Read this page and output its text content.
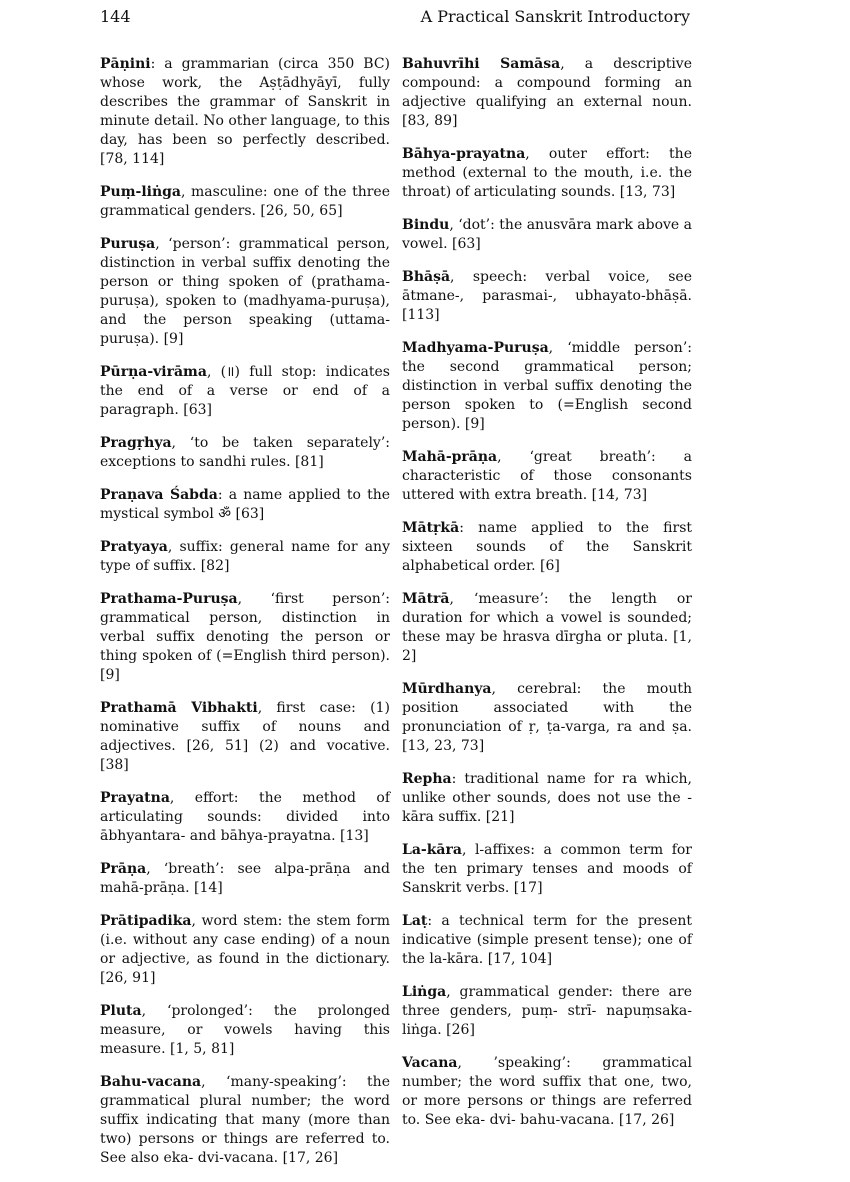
144	A Practical Sanskrit Introductory

Pāṇini: a grammarian (circa 350 BC) whose work, the Aṣṭādhyāyī, fully describes the grammar of Sanskrit in minute detail. No other language, to this day, has been so perfectly described. [78, 114]

Puṃ-liṅga, masculine: one of the three grammatical genders. [26, 50, 65]

Puruṣa, ‘person’: grammatical person, distinction in verbal suffix denoting the person or thing spoken of (prathama-puruṣa), spoken to (madhyama-puruṣa), and the person speaking (uttama-puruṣa). [9]

Pūrṇa-virāma, (॥) full stop: indicates the end of a verse or end of a paragraph. [63]

Pragṛhya, ‘to be taken separately’: exceptions to sandhi rules. [81]

Praṇava Śabda: a name applied to the mystical symbol ॐ [63]

Pratyaya, suffix: general name for any type of suffix. [82]

Prathama-Puruṣa, ‘first person’: grammatical person, distinction in verbal suffix denoting the person or thing spoken of (=English third person). [9]

Prathamā Vibhakti, first case: (1) nominative suffix of nouns and adjectives. [26, 51] (2) and vocative. [38]

Prayatna, effort: the method of articulating sounds: divided into ābhyantara- and bāhya-prayatna. [13]

Prāṇa, ‘breath’: see alpa-prāṇa and mahā-prāṇa. [14]

Prātipadika, word stem: the stem form (i.e. without any case ending) of a noun or adjective, as found in the dictionary. [26, 91]

Pluta, ‘prolonged’: the prolonged measure, or vowels having this measure. [1, 5, 81]

Bahu-vacana, ‘many-speaking’: the grammatical plural number; the word suffix indicating that many (more than two) persons or things are referred to. See also eka- dvi-vacana. [17, 26]

Bahuvrīhi Samāsa, a descriptive compound: a compound forming an adjective qualifying an external noun. [83, 89]

Bāhya-prayatna, outer effort: the method (external to the mouth, i.e. the throat) of articulating sounds. [13, 73]

Bindu, ‘dot’: the anusvāra mark above a vowel. [63]

Bhāṣā, speech: verbal voice, see ātmane-, parasmai-, ubhayato-bhāṣā. [113]

Madhyama-Puruṣa, ‘middle person’: the second grammatical person; distinction in verbal suffix denoting the person spoken to (=English second person). [9]

Mahā-prāṇa, ‘great breath’: a characteristic of those consonants uttered with extra breath. [14, 73]

Mātṛkā: name applied to the first sixteen sounds of the Sanskrit alphabetical order. [6]

Mātrā, ‘measure’: the length or duration for which a vowel is sounded; these may be hrasva dīrgha or pluta. [1, 2]

Mūrdhanya, cerebral: the mouth position associated with the pronunciation of ṛ, ṭa-varga, ra and ṣa. [13, 23, 73]

Repha: traditional name for ra which, unlike other sounds, does not use the -kāra suffix. [21]

La-kāra, l-affixes: a common term for the ten primary tenses and moods of Sanskrit verbs. [17]

Laṭ: a technical term for the present indicative (simple present tense); one of the la-kāra. [17, 104]

Liṅga, grammatical gender: there are three genders, puṃ- strī- napuṃsaka-liṅga. [26]

Vacana, ’speaking’: grammatical number; the word suffix that one, two, or more persons or things are referred to. See eka- dvi- bahu-vacana. [17, 26]
